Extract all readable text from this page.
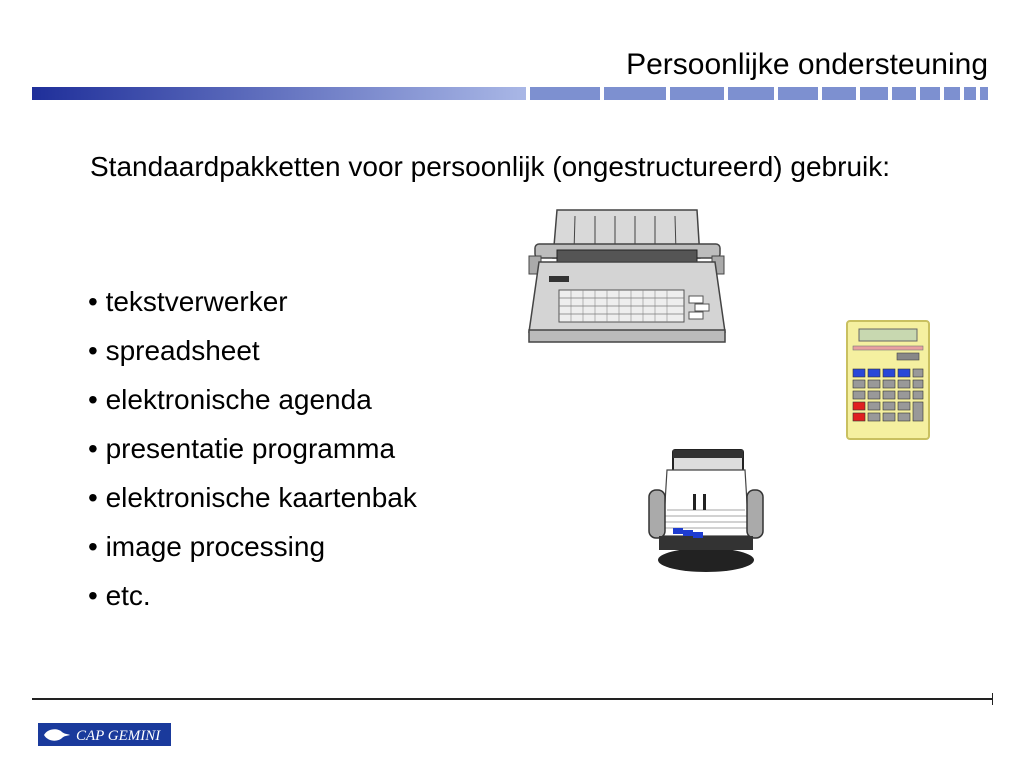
Persoonlijke ondersteuning
Standaardpakketten voor persoonlijk (ongestructureerd) gebruik:
• tekstverwerker
• spreadsheet
• elektronische agenda
• presentatie programma
• elektronische kaartenbak
• image processing
• etc.
CAP GEMINI
